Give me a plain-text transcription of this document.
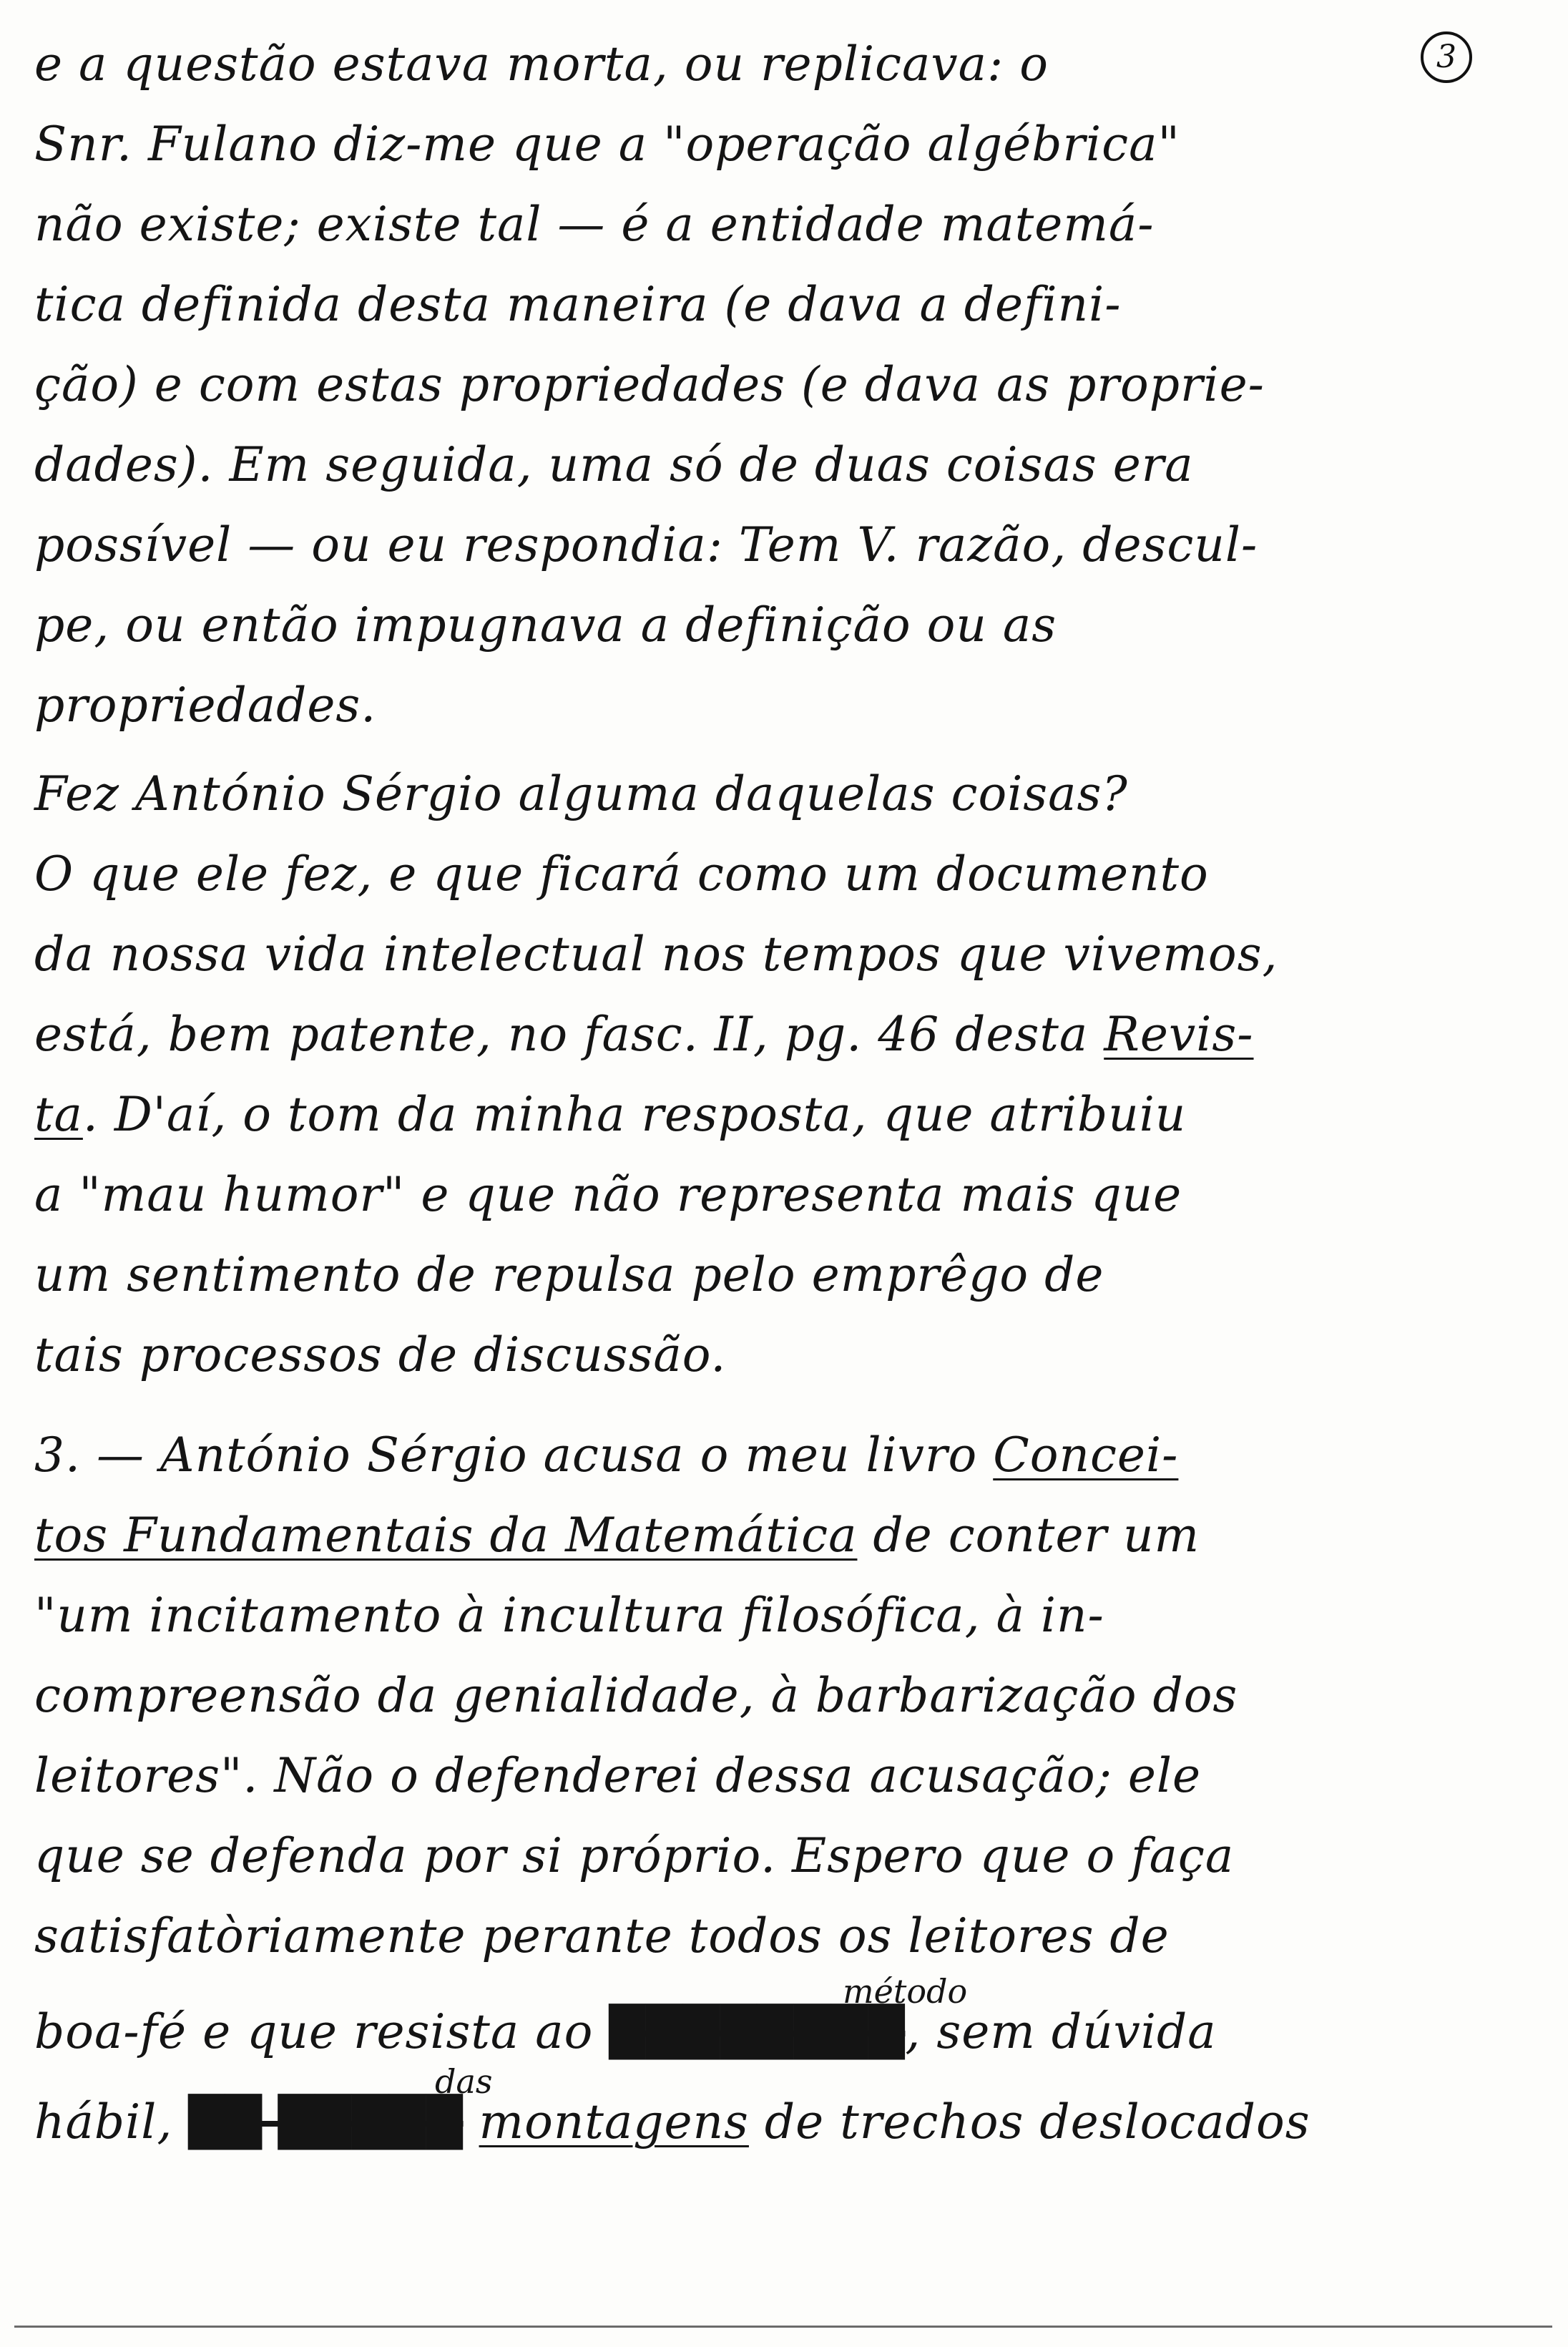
3
e a questão estava morta, ou replicava: o
Snr. Fulano diz-me que a "operação algébrica"
não existe; existe tal — é a entidade matemá-
tica definida desta maneira (e dava a defini-
ção) e com estas propriedades (e dava as proprie-
dades). Em seguida, uma só de duas coisas era
possível — ou eu respondia: Tem V. razão, descul-
pe, ou então impugnava a definição ou as
propriedades.
Fez António Sérgio alguma daquelas coisas?
O que ele fez, e que ficará como um documento
da nossa vida intelectual nos tempos que vivemos,
está, bem patente, no fasc. II, pg. 46 desta Revis-
ta. D'aí, o tom da minha resposta, que atribuiu
a "mau humor" e que não representa mais que
um sentimento de repulsa pelo emprêgo de
tais processos de discussão.
3. — António Sérgio acusa o meu livro Concei-
tos Fundamentais da Matemática de conter um
"um incitamento à incultura filosófica, à in-
compreensão da genialidade, à barbarização dos
leitores". Não o defenderei dessa acusação; ele
que se defenda por si próprio. Espero que o faça
satisfatòriamente perante todos os leitores de
método
boa-fé e que resista ao ████████, sem dúvida
das
hábil, ██ █████ montagens de trechos deslocados
